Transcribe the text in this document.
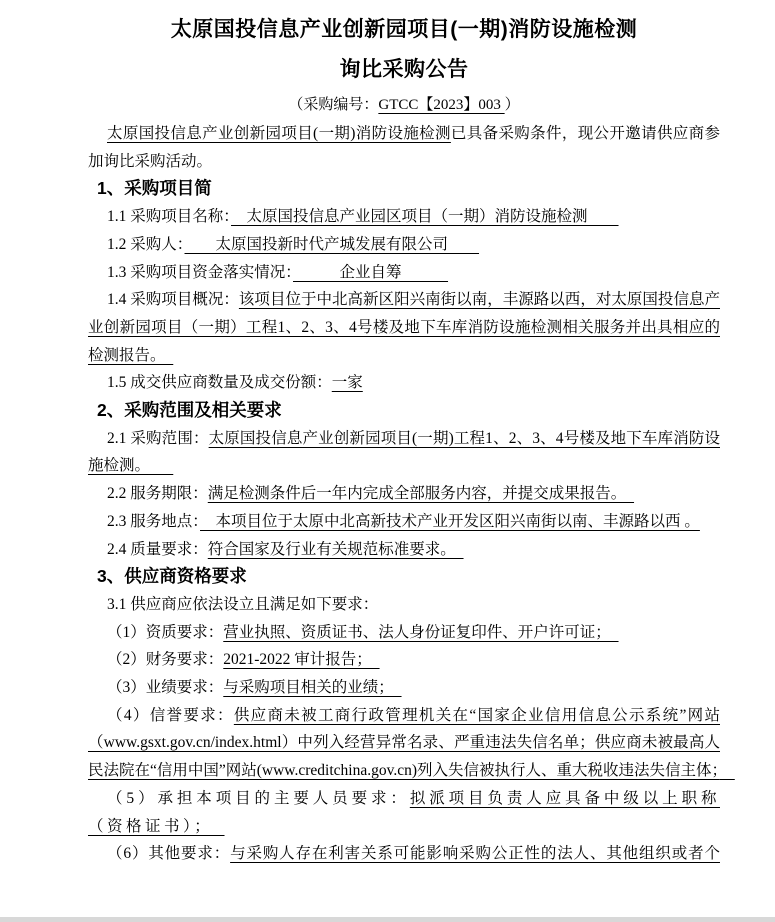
太原国投信息产业创新园项目(一期)消防设施检测
询比采购公告
（采购编号：GTCC【2023】003 ）
太原国投信息产业创新园项目(一期)消防设施检测已具备采购条件，现公开邀请供应商参加询比采购活动。
1、采购项目简
1.1 采购项目名称：　太原国投信息产业园区项目（一期）消防设施检测　　
1.2 采购人：　　太原国投新时代产城发展有限公司　　
1.3 采购项目资金落实情况：　　　企业自筹　　　
1.4 采购项目概况：该项目位于中北高新区阳兴南街以南，丰源路以西，对太原国投信息产业创新园项目（一期）工程1、2、3、4号楼及地下车库消防设施检测相关服务并出具相应的检测报告。　
1.5 成交供应商数量及成交份额：一家
2、采购范围及相关要求
2.1 采购范围：太原国投信息产业创新园项目(一期)工程1、2、3、4号楼及地下车库消防设施检测。　　
2.2 服务期限：满足检测条件后一年内完成全部服务内容，并提交成果报告。　
2.3 服务地点：　本项目位于太原中北高新技术产业开发区阳兴南街以南、丰源路以西 。
2.4 质量要求：符合国家及行业有关规范标准要求。　
3、供应商资格要求
3.1 供应商应依法设立且满足如下要求：
（1）资质要求：营业执照、资质证书、法人身份证复印件、开户许可证；　
（2）财务要求：2021-2022 审计报告；　
（3）业绩要求：与采购项目相关的业绩；　
（4）信誉要求：供应商未被工商行政管理机关在“国家企业信用信息公示系统”网站（www.gsxt.gov.cn/index.html）中列入经营异常名录、严重违法失信名单；供应商未被最高人民法院在“信用中国”网站(www.creditchina.gov.cn)列入失信被执行人、重大税收违法失信主体；　
（5）承担本项目的主要人员要求：拟派项目负责人应具备中级以上职称（资格证书）；　
（6）其他要求：与采购人存在利害关系可能影响采购公正性的法人、其他组织或者个
